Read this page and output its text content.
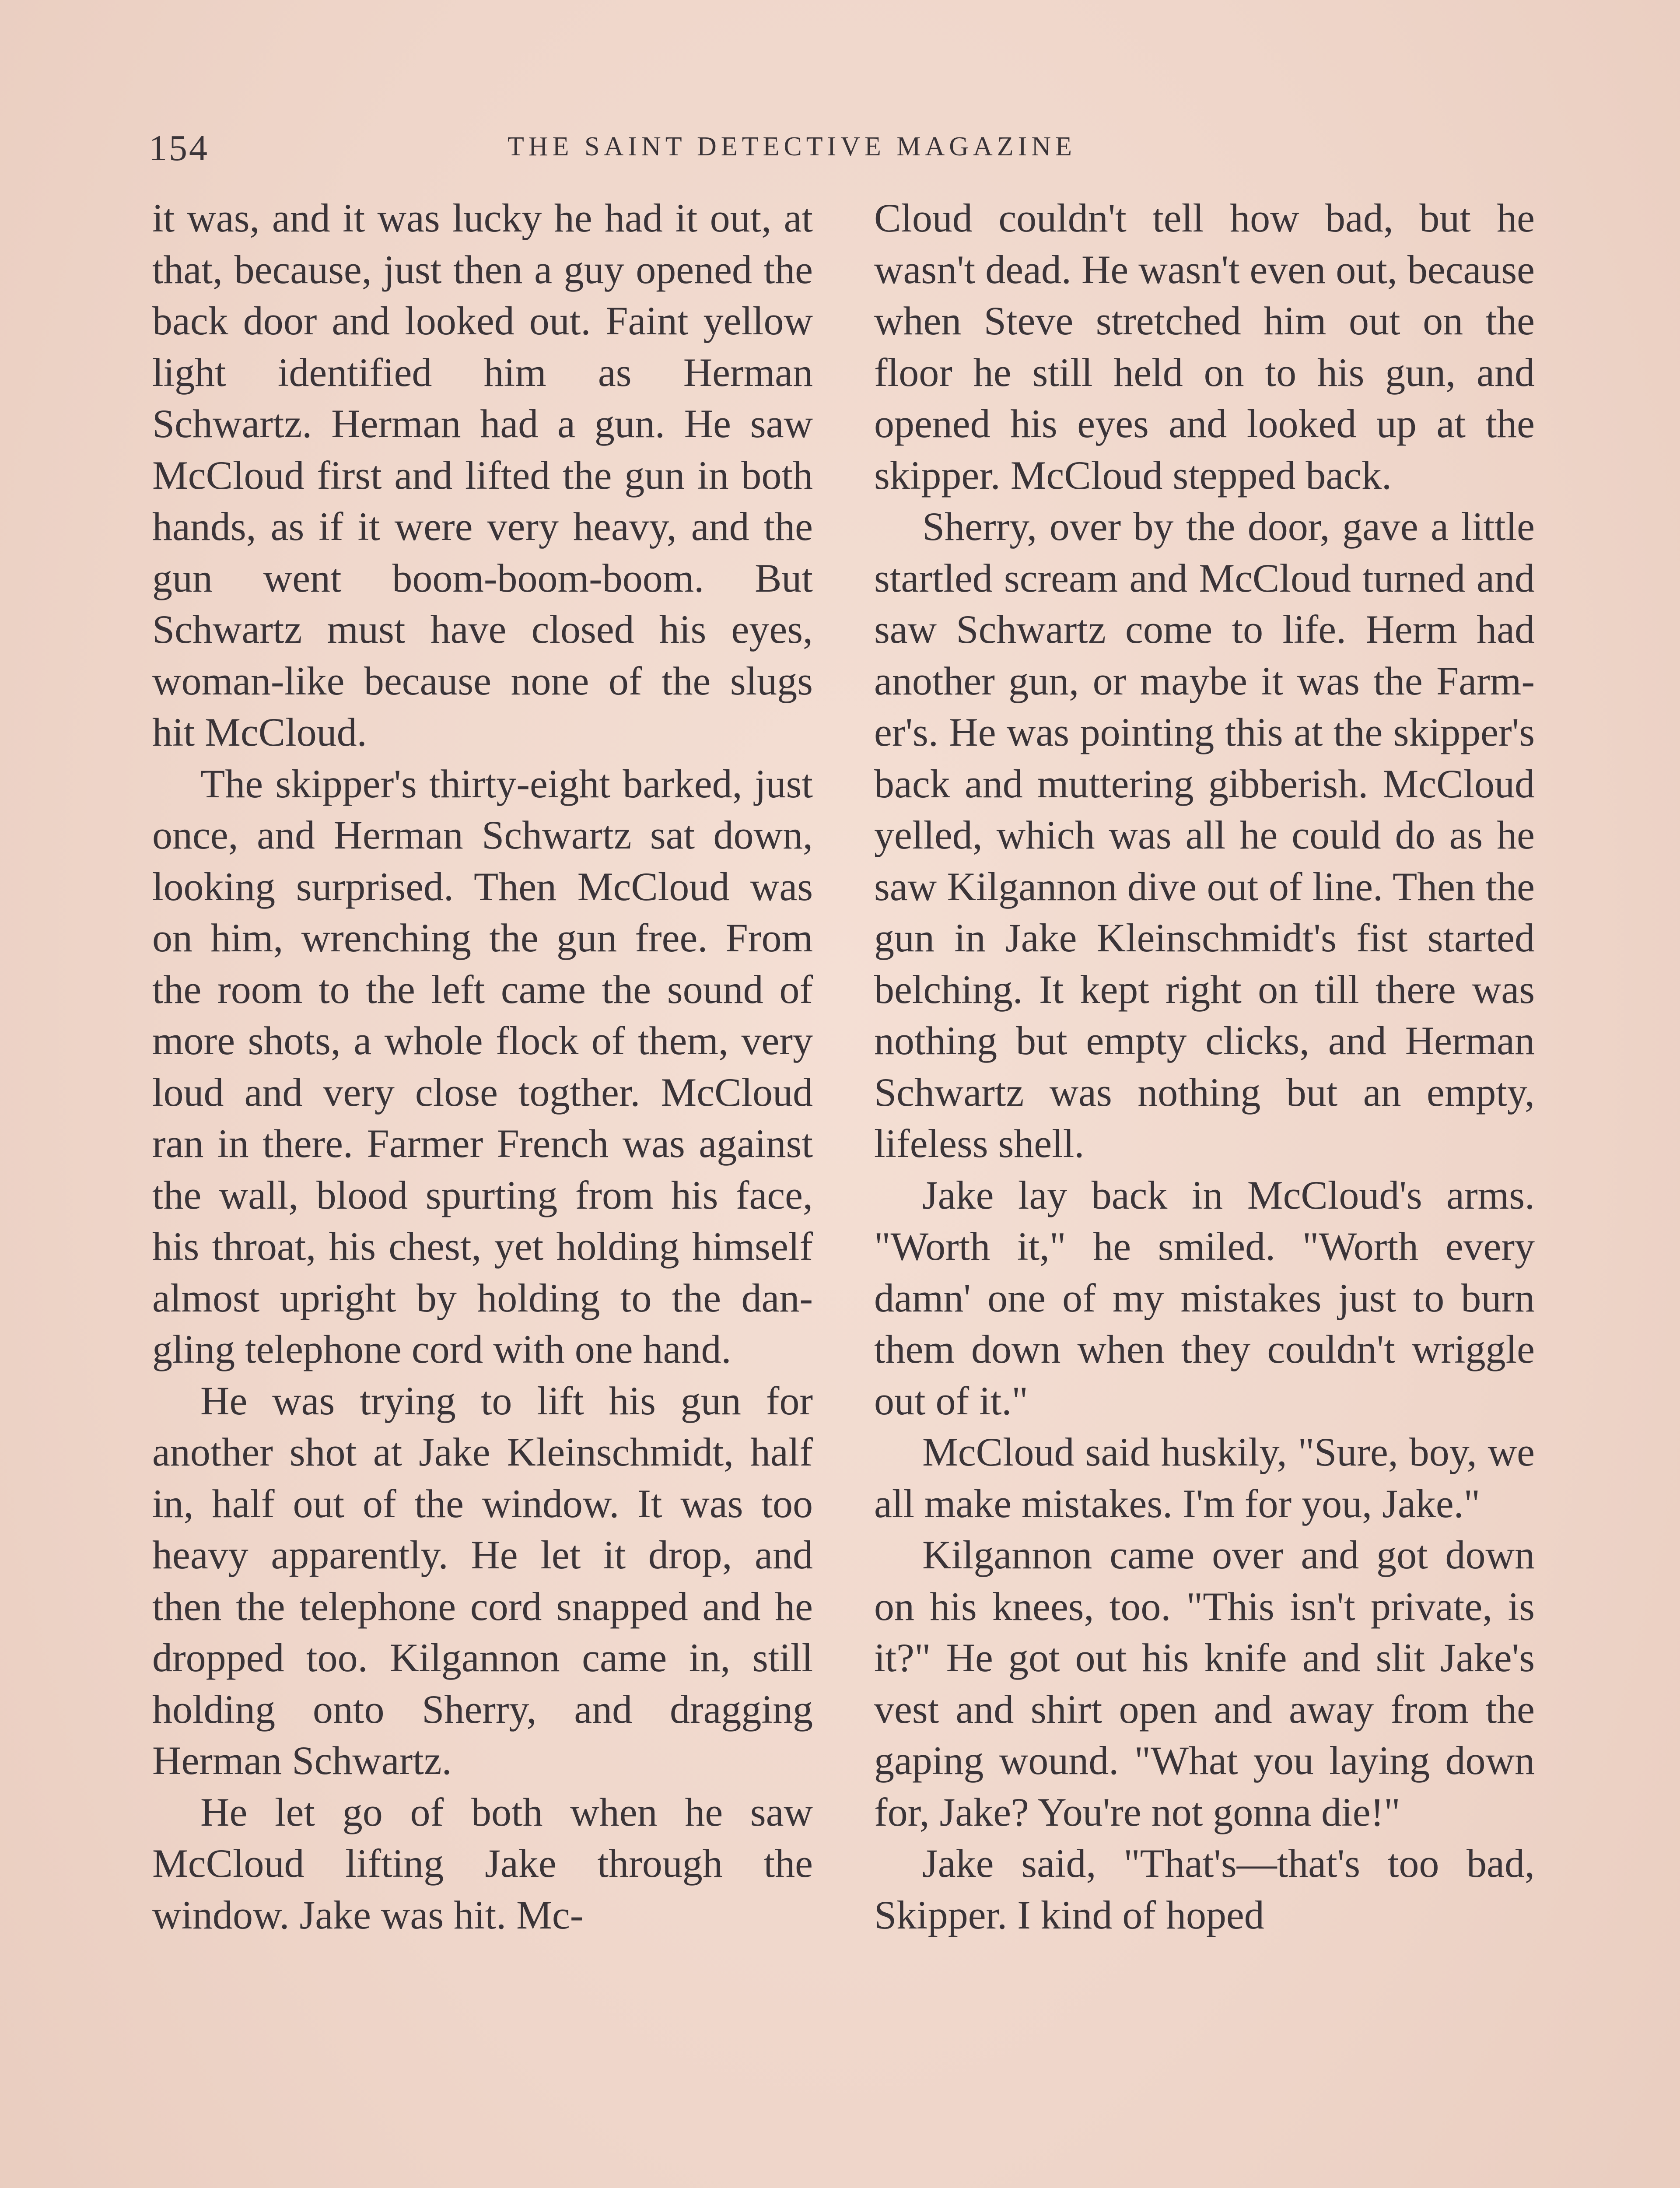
154	THE SAINT DETECTIVE MAGAZINE

it was, and it was lucky he had it out, at that, because, just then a guy opened the back door and looked out. Faint yellow light identified him as Herman Schwartz. Herman had a gun. He saw McCloud first and lifted the gun in both hands, as if it were very heavy, and the gun went boom-boom-boom. But Schwartz must have closed his eyes, woman-like because none of the slugs hit McCloud.

The skipper's thirty-eight barked, just once, and Herman Schwartz sat down, looking surprised. Then McCloud was on him, wrenching the gun free. From the room to the left came the sound of more shots, a whole flock of them, very loud and very close togther. McCloud ran in there. Farmer French was against the wall, blood spurting from his face, his throat, his chest, yet holding himself almost upright by holding to the dangling telephone cord with one hand.

He was trying to lift his gun for another shot at Jake Kleinschmidt, half in, half out of the window. It was too heavy apparently. He let it drop, and then the telephone cord snapped and he dropped too. Kilgannon came in, still holding onto Sherry, and dragging Herman Schwartz.

He let go of both when he saw McCloud lifting Jake through the window. Jake was hit. Mc-

Cloud couldn't tell how bad, but he wasn't dead. He wasn't even out, because when Steve stretched him out on the floor he still held on to his gun, and opened his eyes and looked up at the skipper. McCloud stepped back.

Sherry, over by the door, gave a little startled scream and McCloud turned and saw Schwartz come to life. Herm had another gun, or maybe it was the Farmer's. He was pointing this at the skipper's back and muttering gibberish. McCloud yelled, which was all he could do as he saw Kilgannon dive out of line. Then the gun in Jake Kleinschmidt's fist started belching. It kept right on till there was nothing but empty clicks, and Herman Schwartz was nothing but an empty, lifeless shell.

Jake lay back in McCloud's arms. "Worth it," he smiled. "Worth every damn' one of my mistakes just to burn them down when they couldn't wriggle out of it."

McCloud said huskily, "Sure, boy, we all make mistakes. I'm for you, Jake."

Kilgannon came over and got down on his knees, too. "This isn't private, is it?" He got out his knife and slit Jake's vest and shirt open and away from the gaping wound. "What you laying down for, Jake? You're not gonna die!"

Jake said, "That's—that's too bad, Skipper. I kind of hoped
